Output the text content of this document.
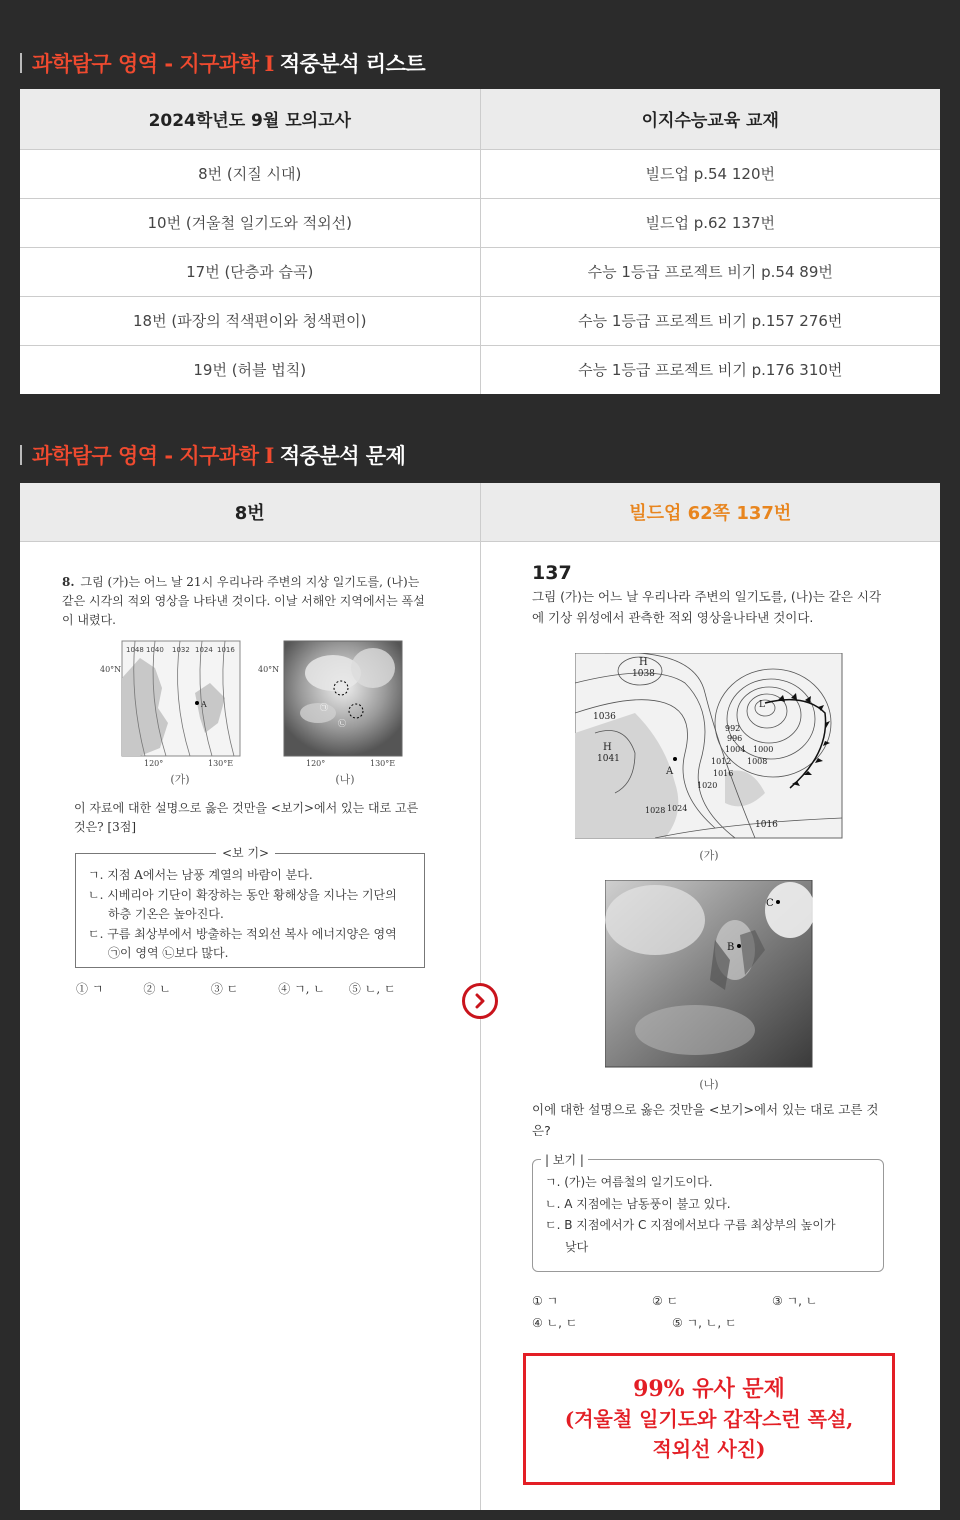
과학탐구 영역 - 지구과학 Ⅰ 적중분석 리스트
2024학년도 9월 모의고사	이지수능교육 교재
8번 (지질 시대)	빌드업 p.54 120번
10번 (겨울철 일기도와 적외선)	빌드업 p.62 137번
17번 (단층과 습곡)	수능 1등급 프로젝트 비기 p.54 89번
18번 (파장의 적색편이와 청색편이)	수능 1등급 프로젝트 비기 p.157 276번
19번 (허블 법칙)	수능 1등급 프로젝트 비기 p.176 310번
과학탐구 영역 - 지구과학 Ⅰ 적중분석 문제
8번	빌드업 62쪽 137번
8. 그림 (가)는 어느 날 21시 우리나라 주변의 지상 일기도를, (나)는 같은 시각의 적외 영상을 나타낸 것이다. 이날 서해안 지역에서는 폭설이 내렸다.
1048 1040 1032 1024 1016
40°N
A
120°	130°E
(가)
㉠
㉡
40°N
120°	130°E
(나)
이 자료에 대한 설명으로 옳은 것만을 <보기>에서 있는 대로 고른 것은? [3점]
<보 기>
ㄱ. 지점 A에서는 남풍 계열의 바람이 분다.
ㄴ. 시베리아 기단이 확장하는 동안 황해상을 지나는 기단의
하층 기온은 높아진다.
ㄷ. 구름 최상부에서 방출하는 적외선 복사 에너지양은 영역
㉠이 영역 ㉡보다 많다.
① ㄱ	② ㄴ	③ ㄷ	④ ㄱ, ㄴ ⑤ ㄴ, ㄷ
137
그림 (가)는 어느 날 우리나라 주변의 일기도를, (나)는 같은 시각에 기상 위성에서 관측한 적외 영상을나타낸 것이다.
H
1038
H
1041
L
A
1036
992
996
1004 1000
1008
1012
1016
1020
1024
1028
1016
(가)
C
B
(나)
이에 대한 설명으로 옳은 것만을 <보기>에서 있는 대로 고른 것은?
| 보기 |
ㄱ. (가)는 여름철의 일기도이다.
ㄴ. A 지점에는 남동풍이 불고 있다.
ㄷ. B 지점에서가 C 지점에서보다 구름 최상부의 높이가
낮다
① ㄱ	② ㄷ	③ ㄱ, ㄴ
④ ㄴ, ㄷ	⑤ ㄱ, ㄴ, ㄷ
99% 유사 문제
(겨울철 일기도와 갑작스런 폭설,
적외선 사진)
